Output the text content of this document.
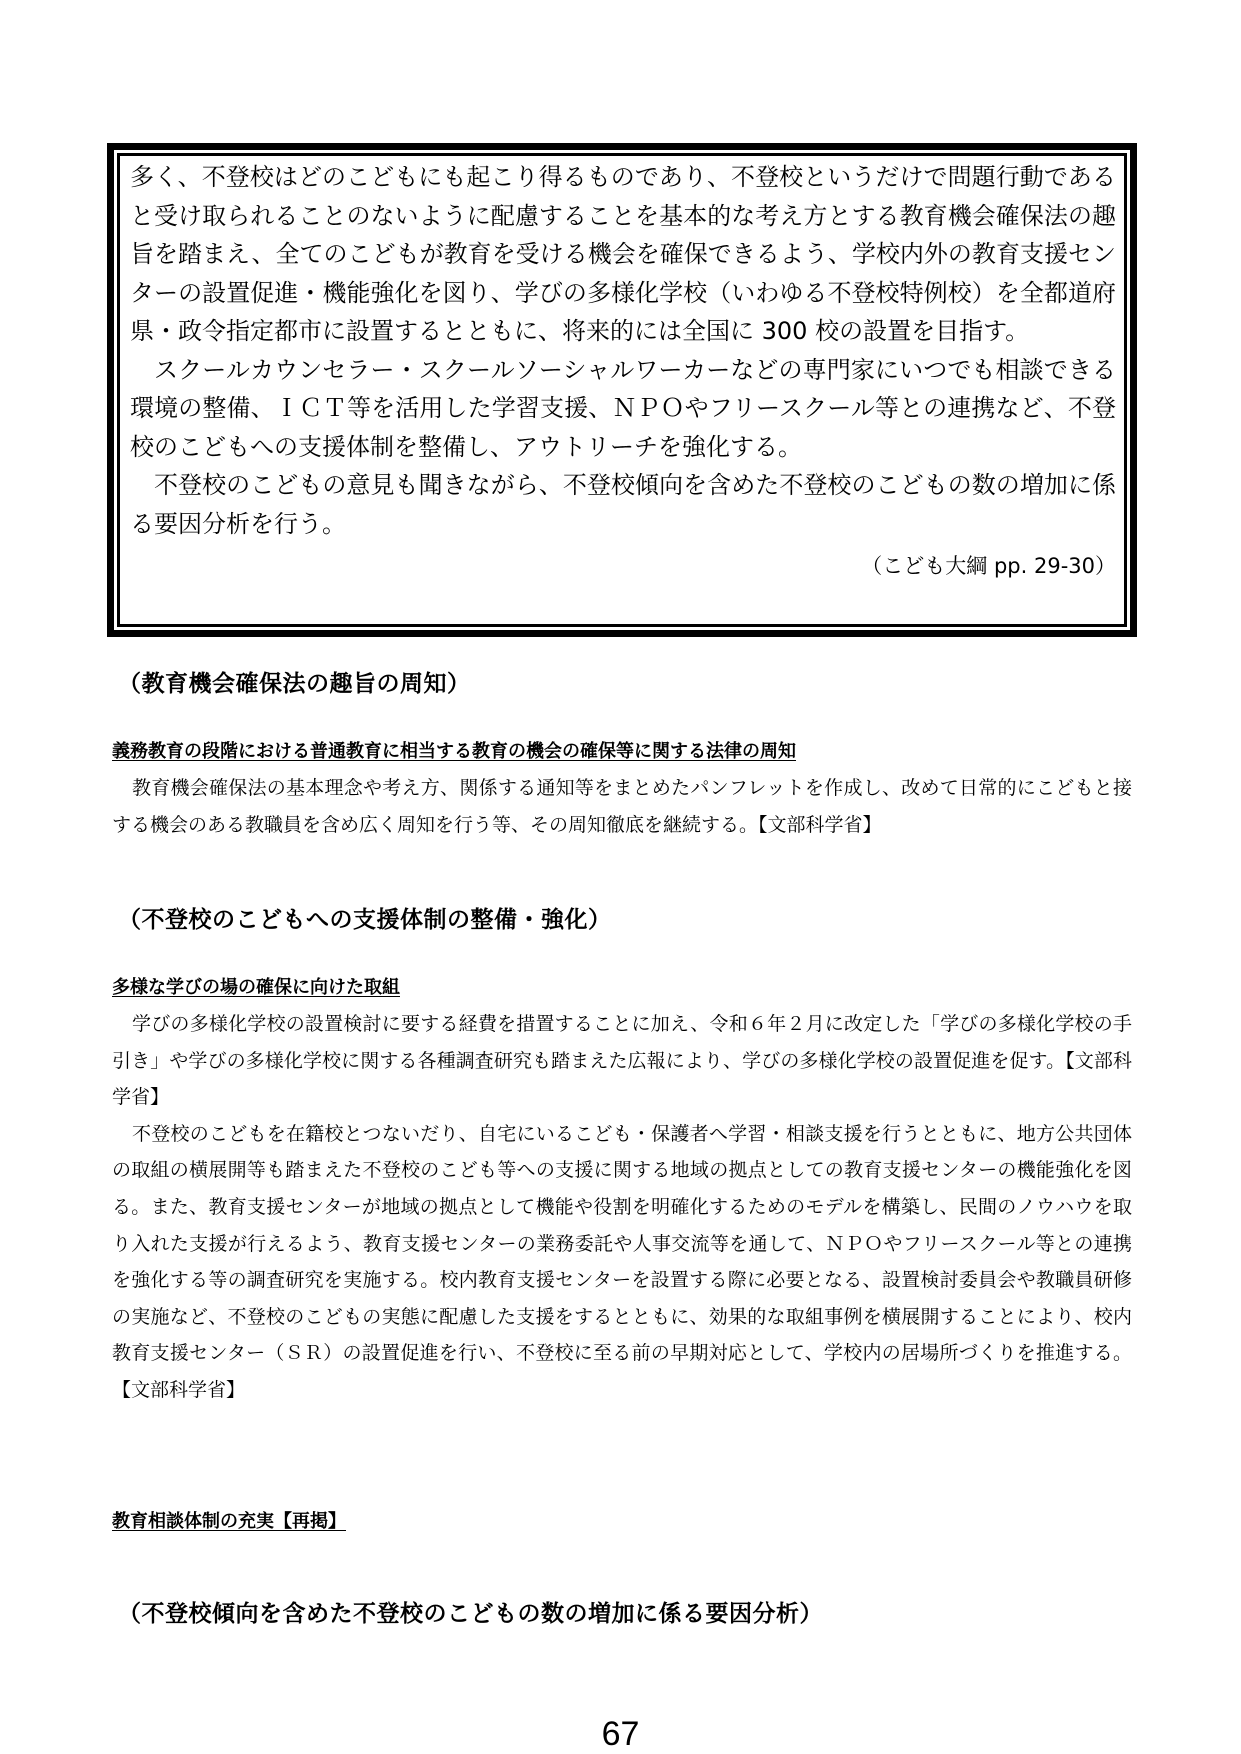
多く、不登校はどのこどもにも起こり得るものであり、不登校というだけで問題行動であると受け取られることのないように配慮することを基本的な考え方とする教育機会確保法の趣旨を踏まえ、全てのこどもが教育を受ける機会を確保できるよう、学校内外の教育支援センターの設置促進・機能強化を図り、学びの多様化学校（いわゆる不登校特例校）を全都道府県・政令指定都市に設置するとともに、将来的には全国に 300 校の設置を目指す。

スクールカウンセラー・スクールソーシャルワーカーなどの専門家にいつでも相談できる環境の整備、ＩＣＴ等を活用した学習支援、ＮＰＯやフリースクール等との連携など、不登校のこどもへの支援体制を整備し、アウトリーチを強化する。

不登校のこどもの意見も聞きながら、不登校傾向を含めた不登校のこどもの数の増加に係る要因分析を行う。

（こども大綱 pp. 29-30）

（教育機会確保法の趣旨の周知）
義務教育の段階における普通教育に相当する教育の機会の確保等に関する法律の周知

教育機会確保法の基本理念や考え方、関係する通知等をまとめたパンフレットを作成し、改めて日常的にこどもと接する機会のある教職員を含め広く周知を行う等、その周知徹底を継続する。【文部科学省】

（不登校のこどもへの支援体制の整備・強化）
多様な学びの場の確保に向けた取組

学びの多様化学校の設置検討に要する経費を措置することに加え、令和６年２月に改定した「学びの多様化学校の手引き」や学びの多様化学校に関する各種調査研究も踏まえた広報により、学びの多様化学校の設置促進を促す。【文部科学省】

不登校のこどもを在籍校とつないだり、自宅にいるこども・保護者へ学習・相談支援を行うとともに、地方公共団体の取組の横展開等も踏まえた不登校のこども等への支援に関する地域の拠点としての教育支援センターの機能強化を図る。また、教育支援センターが地域の拠点として機能や役割を明確化するためのモデルを構築し、民間のノウハウを取り入れた支援が行えるよう、教育支援センターの業務委託や人事交流等を通して、ＮＰＯやフリースクール等との連携を強化する等の調査研究を実施する。校内教育支援センターを設置する際に必要となる、設置検討委員会や教職員研修の実施など、不登校のこどもの実態に配慮した支援をするとともに、効果的な取組事例を横展開することにより、校内教育支援センター（ＳＲ）の設置促進を行い、不登校に至る前の早期対応として、学校内の居場所づくりを推進する。【文部科学省】

教育相談体制の充実【再掲】
（不登校傾向を含めた不登校のこどもの数の増加に係る要因分析）
67
